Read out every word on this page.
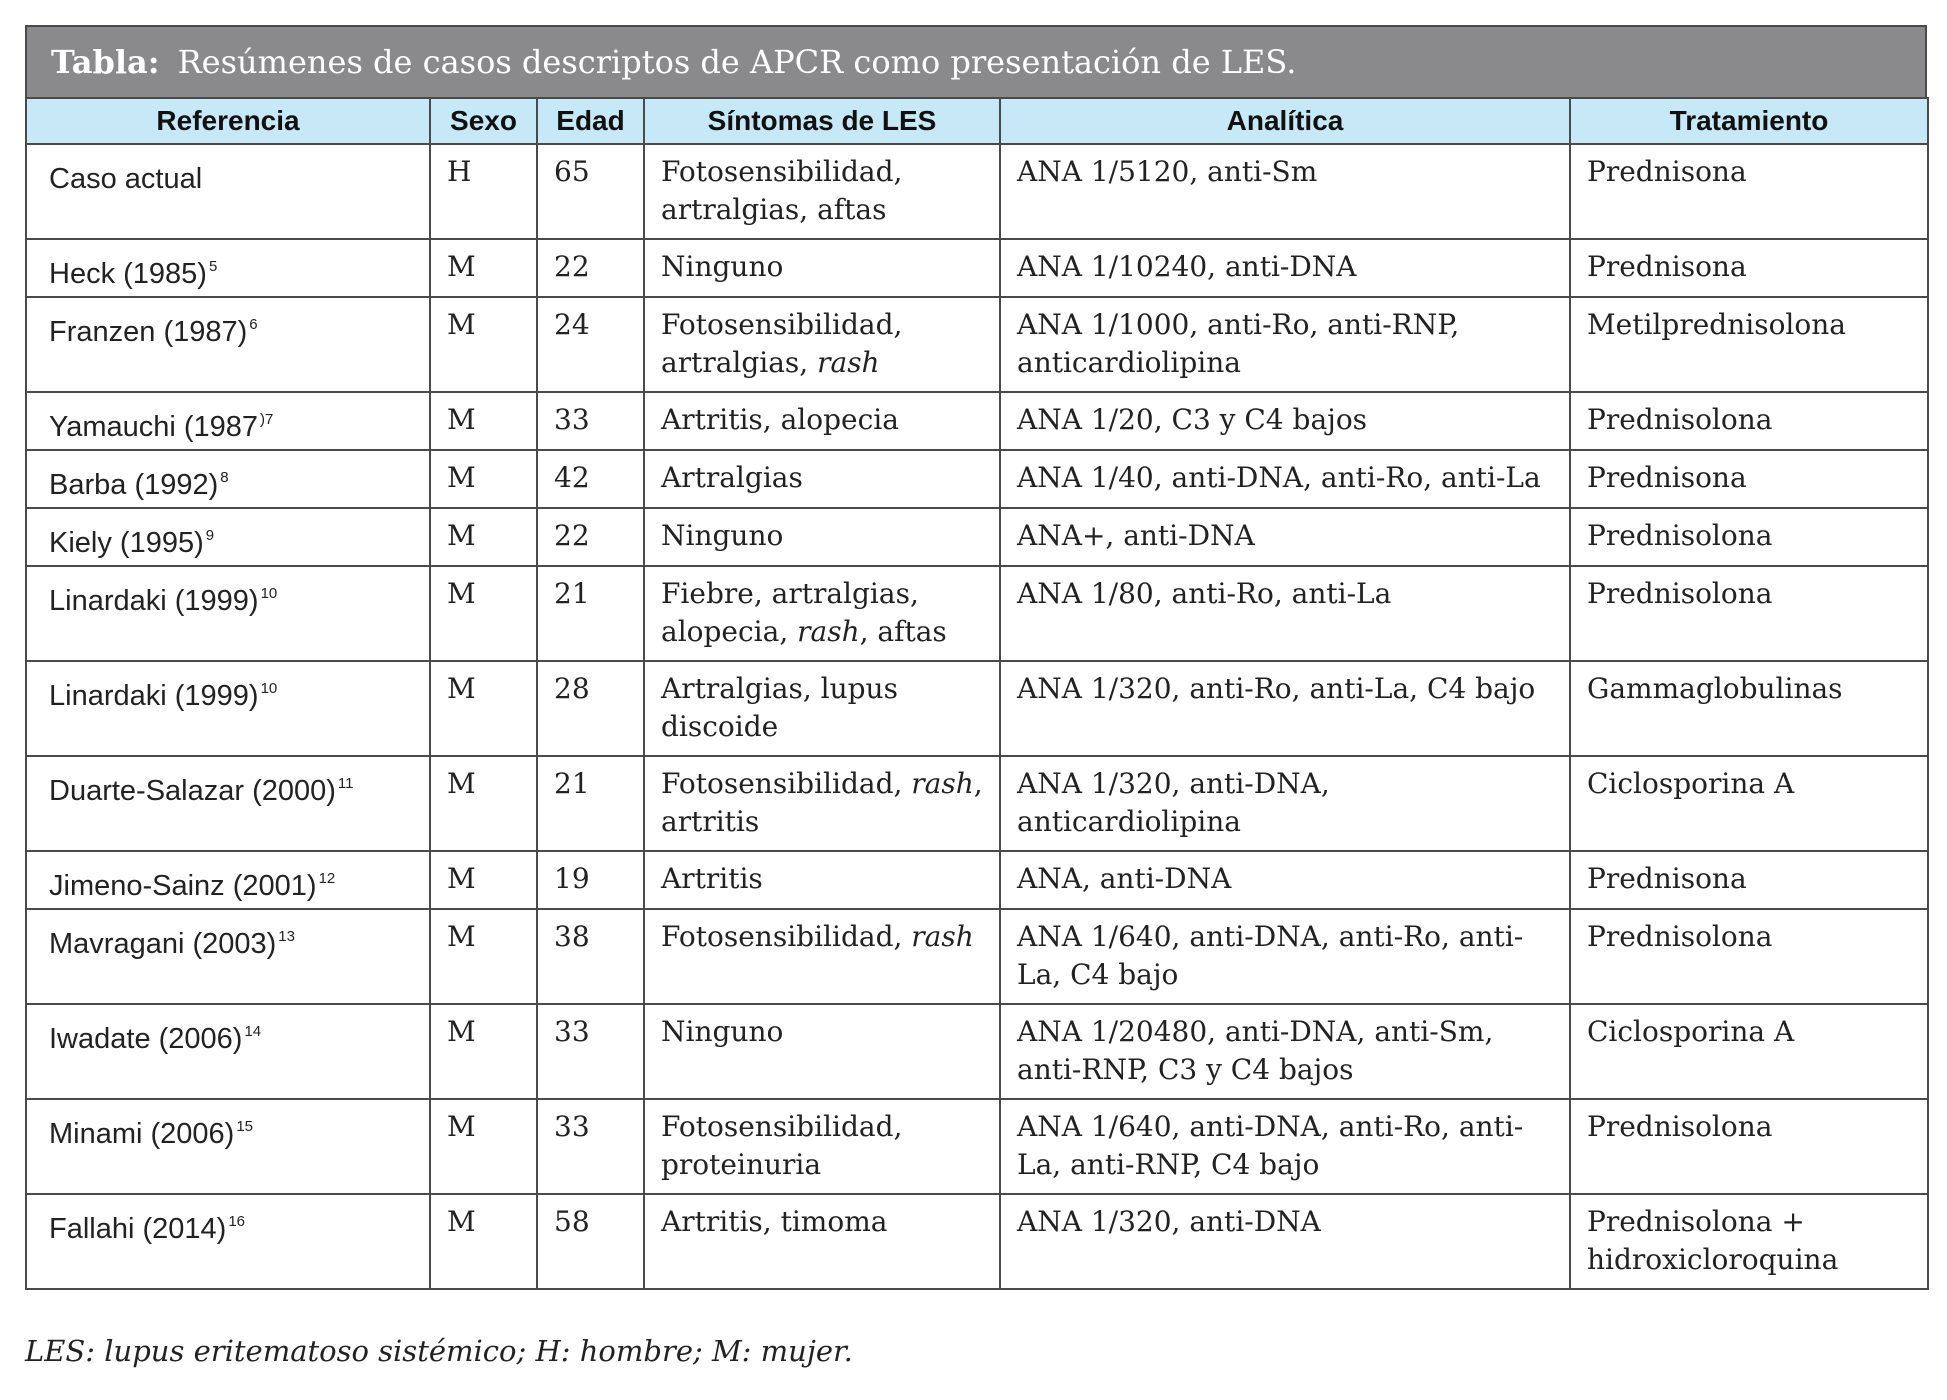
Tabla: Resúmenes de casos descriptos de APCR como presentación de LES.
Referencia	Sexo	Edad	Síntomas de LES	Analítica	Tratamiento
Caso actual	H	65	Fotosensibilidad, artralgias, aftas	ANA 1/5120, anti-Sm	Prednisona
Heck (1985) $^5$	M	22	Ninguno	ANA 1/10240, anti-DNA	Prednisona
Franzen (1987) $^6$	M	24	Fotosensibilidad, artralgias, rash	ANA 1/1000, anti-Ro, anti-RNP, anticardiolipina	Metilprednisolona
Yamauchi (1987 $^{)7}$	M	33	Artritis, alopecia	ANA 1/20, C3 y C4 bajos	Prednisolona
Barba (1992) $^8$	M	42	Artralgias	ANA 1/40, anti-DNA, anti-Ro, anti-La	Prednisona
Kiely (1995) $^9$	M	22	Ninguno	ANA+, anti-DNA	Prednisolona
Linardaki (1999) $^{10}$	M	21	Fiebre, artralgias, alopecia, rash, aftas	ANA 1/80, anti-Ro, anti-La	Prednisolona
Linardaki (1999) $^{10}$	M	28	Artralgias, lupus discoide	ANA 1/320, anti-Ro, anti-La, C4 bajo	Gammaglobulinas
Duarte-Salazar (2000) $^{11}$	M	21	Fotosensibilidad, rash, artritis	ANA 1/320, anti-DNA, anticardiolipina	Ciclosporina A
Jimeno-Sainz (2001) $^{12}$	M	19	Artritis	ANA, anti-DNA	Prednisona
Mavragani (2003) $^{13}$	M	38	Fotosensibilidad, rash	ANA 1/640, anti-DNA, anti-Ro, anti-La, C4 bajo	Prednisolona
Iwadate (2006) $^{14}$	M	33	Ninguno	ANA 1/20480, anti-DNA, anti-Sm, anti-RNP, C3 y C4 bajos	Ciclosporina A
Minami (2006) $^{15}$	M	33	Fotosensibilidad, proteinuria	ANA 1/640, anti-DNA, anti-Ro, anti-La, anti-RNP, C4 bajo	Prednisolona
Fallahi (2014) $^{16}$	M	58	Artritis, timoma	ANA 1/320, anti-DNA	Prednisolona + hidroxicloroquina
LES: lupus eritematoso sistémico; H: hombre; M: mujer.
